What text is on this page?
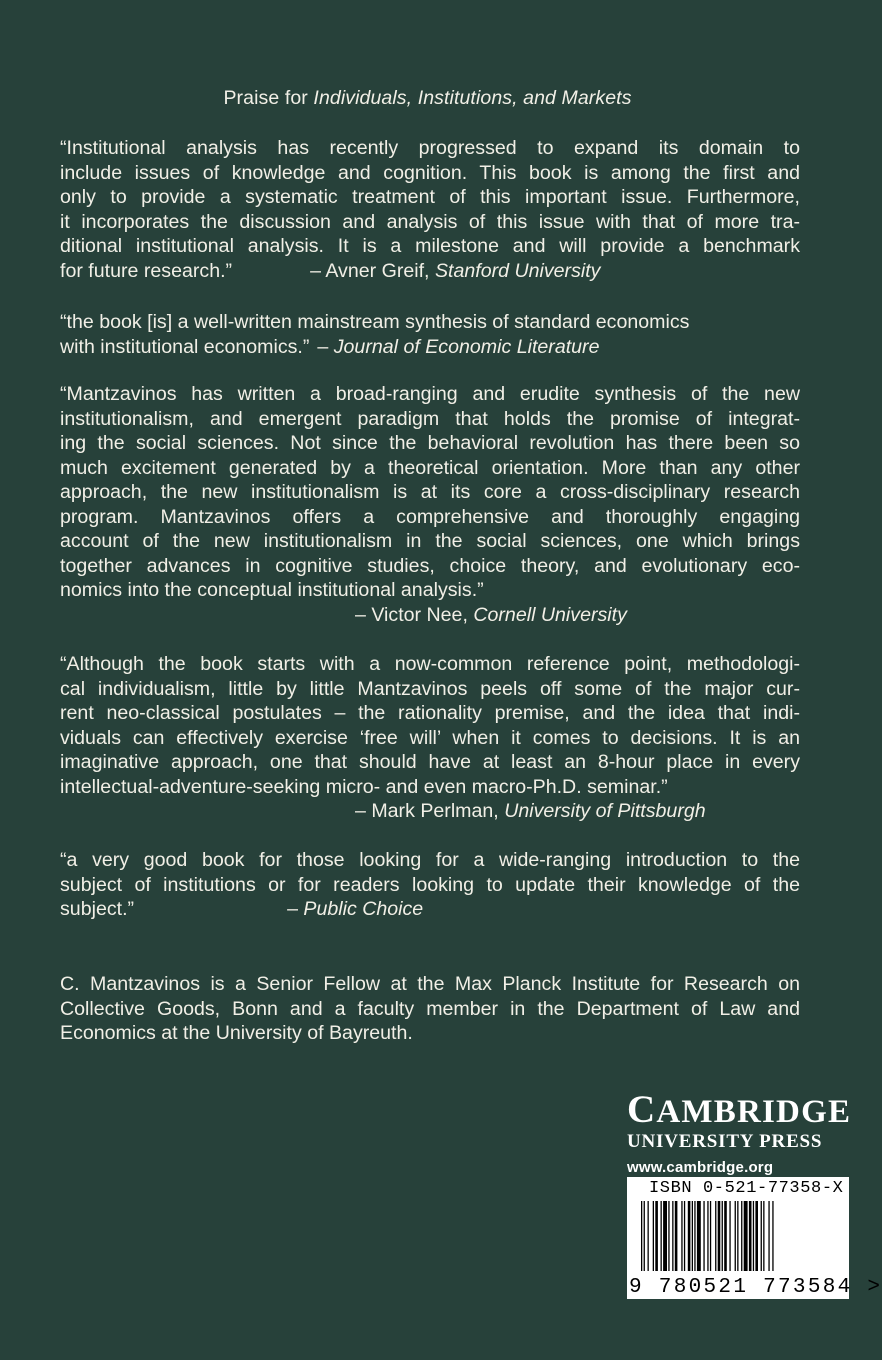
Praise for Individuals, Institutions, and Markets
“Institutional analysis has recently progressed to expand its domain to
include issues of knowledge and cognition. This book is among the first and
only to provide a systematic treatment of this important issue. Furthermore,
it incorporates the discussion and analysis of this issue with that of more tra-
ditional institutional analysis. It is a milestone and will provide a benchmark
for future research.”	– Avner Greif, Stanford University
“the book [is] a well-written mainstream synthesis of standard economics
with institutional economics.” – Journal of Economic Literature
“Mantzavinos has written a broad-ranging and erudite synthesis of the new
institutionalism, and emergent paradigm that holds the promise of integrat-
ing the social sciences. Not since the behavioral revolution has there been so
much excitement generated by a theoretical orientation. More than any other
approach, the new institutionalism is at its core a cross-disciplinary research
program. Mantzavinos offers a comprehensive and thoroughly engaging
account of the new institutionalism in the social sciences, one which brings
together advances in cognitive studies, choice theory, and evolutionary eco-
nomics into the conceptual institutional analysis.”
– Victor Nee, Cornell University
“Although the book starts with a now-common reference point, methodologi-
cal individualism, little by little Mantzavinos peels off some of the major cur-
rent neo-classical postulates – the rationality premise, and the idea that indi-
viduals can effectively exercise ‘free will’ when it comes to decisions. It is an
imaginative approach, one that should have at least an 8-hour place in every
intellectual-adventure-seeking micro- and even macro-Ph.D. seminar.”
– Mark Perlman, University of Pittsburgh
“a very good book for those looking for a wide-ranging introduction to the
subject of institutions or for readers looking to update their knowledge of the
subject.”	– Public Choice
C. Mantzavinos is a Senior Fellow at the Max Planck Institute for Research on
Collective Goods, Bonn and a faculty member in the Department of Law and
Economics at the University of Bayreuth.
CAMBRIDGE
UNIVERSITY PRESS
www.cambridge.org
ISBN 0-521-77358-X
9 780521 773584 >
